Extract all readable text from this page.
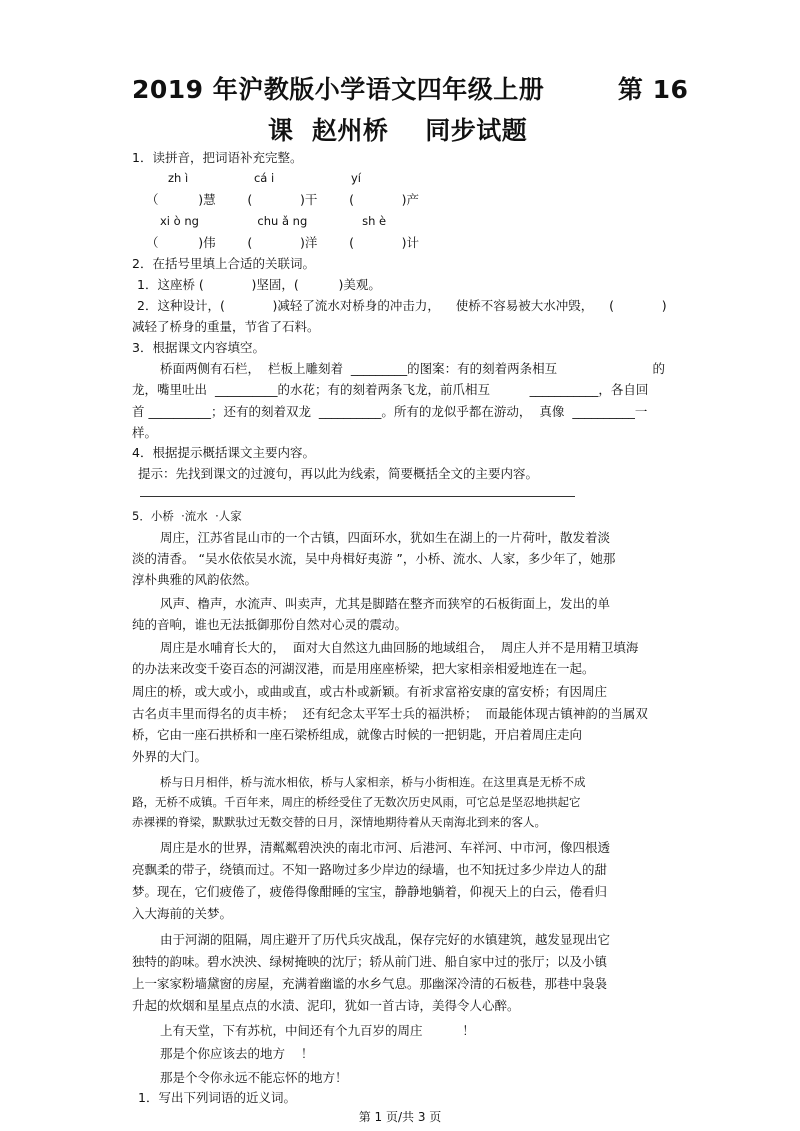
2019 年沪教版小学语文四年级上册        第 16
课  赵州桥    同步试题
1．读拼音，把词语补充完整。
zh ì                  cá i                     yí
（          )慧        (            )干        (            )产
xi ò ng                chu ǎ ng               sh è
（          )伟        (            )洋        (            )计
2．在括号里填上合适的关联词。
1．这座桥 (            )坚固，(          )美观。
2．这种设计，(            )减轻了流水对桥身的冲击力，    使桥不容易被大水冲毁，    (            )
减轻了桥身的重量，节省了石料。
3．根据课文内容填空。
桥面两侧有石栏，  栏板上雕刻着  _________的图案：有的刻着两条相互                        的
龙，嘴里吐出  __________的水花；有的刻着两条飞龙，前爪相互          ___________，各自回
首 __________；还有的刻着双龙  __________。所有的龙似乎都在游动，  真像  __________一
样。
4．根据提示概括课文主要内容。
提示：先找到课文的过渡句，再以此为线索，简要概括全文的主要内容。
5．小桥  ·流水  ·人家
周庄，江苏省昆山市的一个古镇，四面环水，犹如生在湖上的一片荷叶，散发着淡
淡的清香。 “吴水依依吴水流，吴中舟楫好夷游 ”，小桥、流水、人家，多少年了，她那
淳朴典雅的风韵依然。
风声、橹声，水流声、叫卖声，尤其是脚踏在整齐而狭窄的石板街面上，发出的单
纯的音响，谁也无法抵御那份自然对心灵的震动。
周庄是水哺育长大的，  面对大自然这九曲回肠的地域组合，  周庄人并不是用精卫填海
的办法来改变千姿百态的河湖汊港，而是用座座桥梁，把大家相亲相爱地连在一起。
周庄的桥，或大或小，或曲或直，或古朴或新颖。有祈求富裕安康的富安桥；有因周庄
古名贞丰里而得名的贞丰桥；  还有纪念太平军士兵的福洪桥；  而最能体现古镇神韵的当属双
桥，它由一座石拱桥和一座石梁桥组成，就像古时候的一把钥匙，开启着周庄走向
外界的大门。
桥与日月相伴，桥与流水相依，桥与人家相亲，桥与小街相连。在这里真是无桥不成
路，无桥不成镇。千百年来，周庄的桥经受住了无数次历史风雨，可它总是坚忍地拱起它
赤裸裸的脊梁，默默驮过无数交替的日月，深情地期待着从天南海北到来的客人。
周庄是水的世界，清粼粼碧泱泱的南北市河、后港河、车祥河、中市河，像四根透
亮飘柔的带子，绕镇而过。不知一路吻过多少岸边的绿墙，也不知抚过多少岸边人的甜
梦。现在，它们疲倦了，疲倦得像酣睡的宝宝，静静地躺着，仰视天上的白云，倦看归
入大海前的关梦。
由于河湖的阻隔，周庄避开了历代兵灾战乱，保存完好的水镇建筑，越发显现出它
独特的韵味。碧水泱泱、绿树掩映的沈厅；轿从前门进、船自家中过的张厅；以及小镇
上一家家粉墙黛窗的房屋，充满着幽谧的水乡气息。那幽深冷清的石板巷，那巷中袅袅
升起的炊烟和星星点点的水渍、泥印，犹如一首古诗，美得令人心醉。
上有天堂，下有苏杭，中间还有个九百岁的周庄          ！
那是个你应该去的地方    ！
那是个令你永远不能忘怀的地方！
1．写出下列词语的近义词。
第 1 页/共 3 页
